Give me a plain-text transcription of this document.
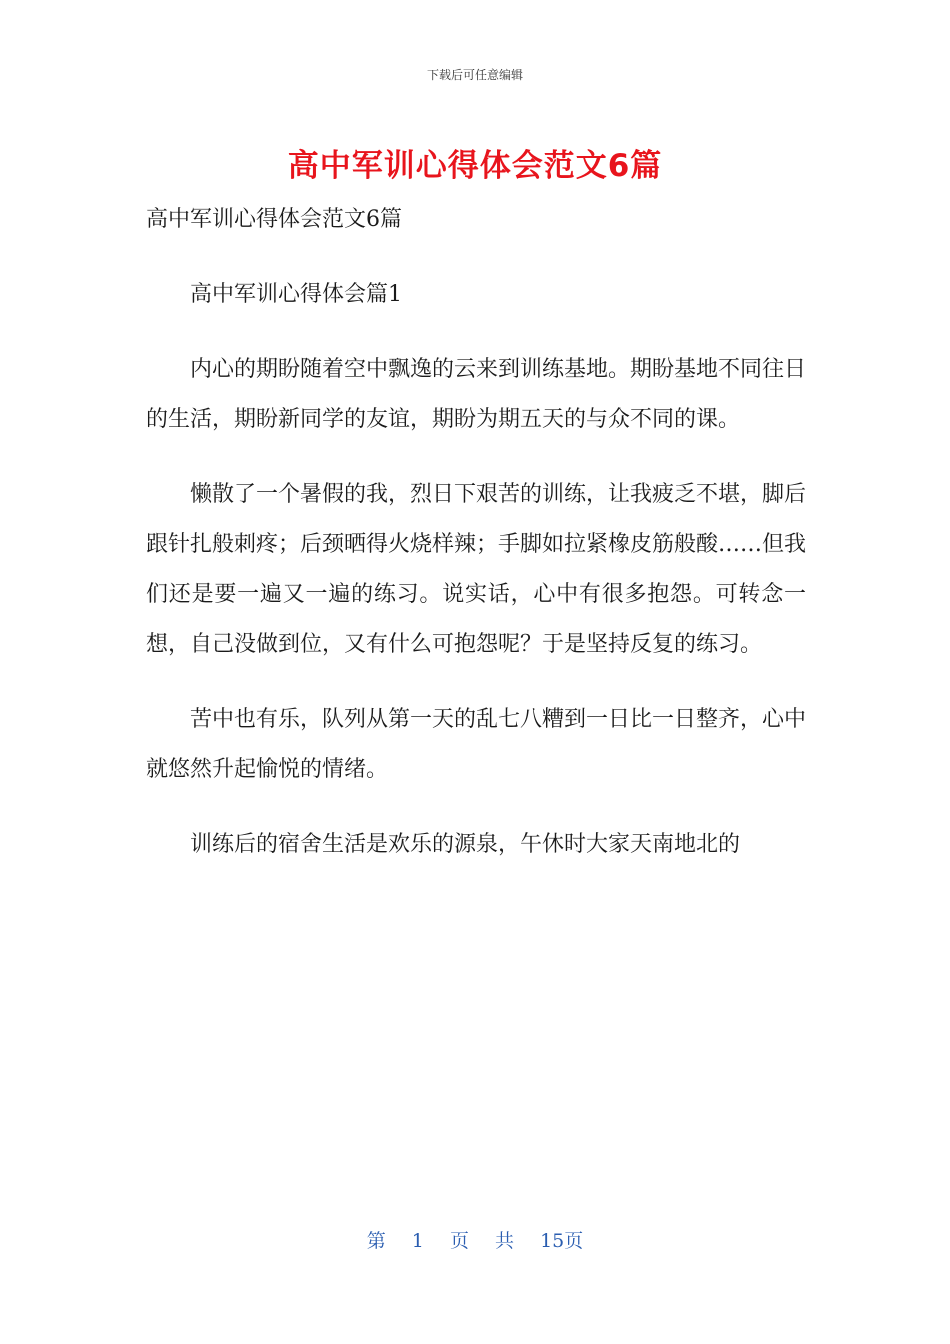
下载后可任意编辑
高中军训心得体会范文6篇
高中军训心得体会范文6篇
高中军训心得体会篇1

内心的期盼随着空中飘逸的云来到训练基地。期盼基地不同往日的生活，期盼新同学的友谊，期盼为期五天的与众不同的课。

懒散了一个暑假的我，烈日下艰苦的训练，让我疲乏不堪，脚后跟针扎般刺疼；后颈晒得火烧样辣；手脚如拉紧橡皮筋般酸……但我们还是要一遍又一遍的练习。说实话，心中有很多抱怨。可转念一想，自己没做到位，又有什么可抱怨呢？于是坚持反复的练习。

苦中也有乐，队列从第一天的乱七八糟到一日比一日整齐，心中就悠然升起愉悦的情绪。

训练后的宿舍生活是欢乐的源泉，午休时大家天南地北的

第 1 页 共 15页
